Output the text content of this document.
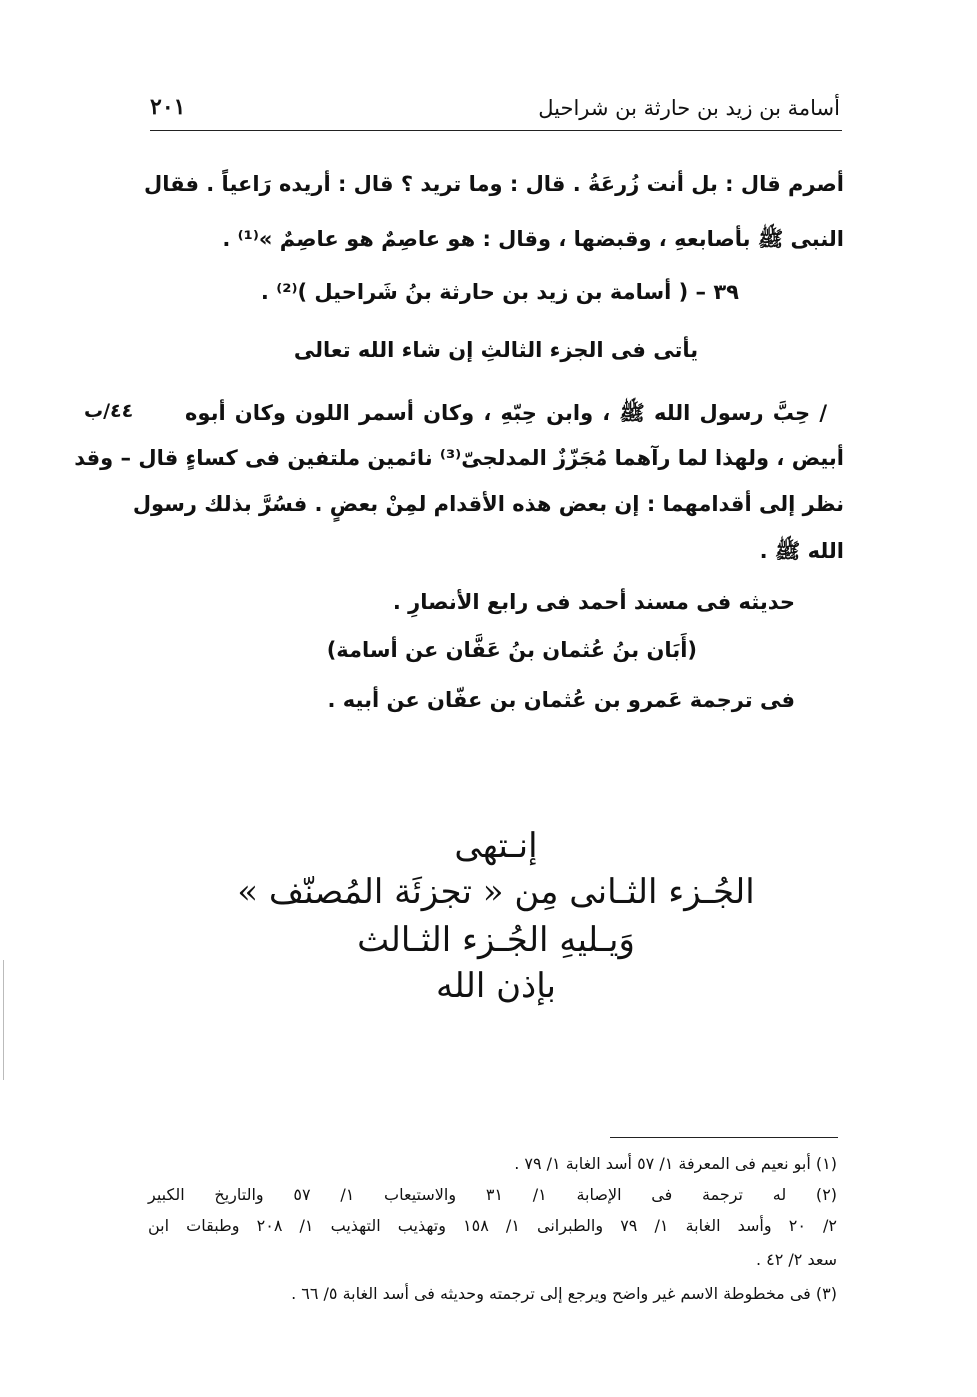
٢٠١	أسامة بن زيد بن حارثة بن شراحيل
أصرم قال : بل أنت زُرعَةُ . قال : وما تريد ؟ قال : أريده رَاعياً . فقال
النبى ﷺ بأصابعهِ ، وقبضها ، وقال : هو عاصِمٌ هو عاصِمٌ »⁽¹⁾ .
٣٩ – ( أسامة بن زيد بن حارثة بنُ شَراحيل )⁽²⁾ .
يأتى فى الجزء الثالثِ إن شاء الله تعالى
٤٤/ب / حِبَّ رسول الله ﷺ ، وابن حِبّهِ ، وكان أسمر اللون وكان أبوه
أبيض ، ولهذا لما رآهما مُجَزّزٌ المدلجىّ⁽³⁾ نائمين ملتفين فى كساءٍ قال – وقد
نظر إلى أقدامهما : إن بعض هذه الأقدام لمِنْ بعضٍ . فسُرَّ بذلك رسول
الله ﷺ .
حديثه فى مسند أحمد فى رابع الأنصارِ .
(أَبَان بنُ عُثمان بنُ عَفَّان عن أسامة)
فى ترجمة عَمرو بن عُثمان بن عفّان عن أبيه .
إنـتهى
الجُـزء الثـانى مِن « تجزئَة المُصنّف »
وَيـليهِ الجُـزء الثـالث
بإذن الله
(١) أبو نعيم فى المعرفة ١/ ٥٧ أسد الغابة ١/ ٧٩ .
(٢) له ترجمة فى الإصابة ١/ ٣١ والاستيعاب ١/ ٥٧ والتاريخ الكبير
٢/ ٢٠ وأسد الغابة ١/ ٧٩ والطبرانى ١/ ١٥٨ وتهذيب التهذيب ١/ ٢٠٨ وطبقات ابن
سعد ٢/ ٤٢ .
(٣) فى مخطوطة الاسم غير واضح ويرجع إلى ترجمته وحديثه فى أسد الغابة ٥/ ٦٦ .
